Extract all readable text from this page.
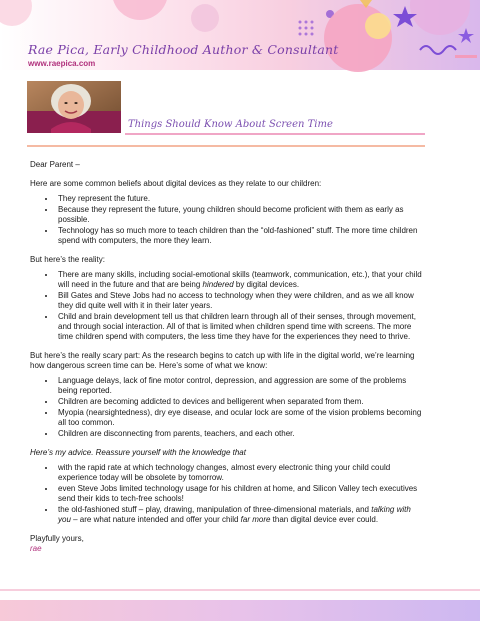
Rae Pica, Early Childhood Author & Consultant
www.raepica.com
Things Should Know About Screen Time

Dear Parent –

Here are some common beliefs about digital devices as they relate to our children:

• They represent the future.
• Because they represent the future, young children should become proficient with them as early as possible.
• Technology has so much more to teach children than the “old-fashioned” stuff. The more time children spend with computers, the more they learn.

But here’s the reality:

• There are many skills, including social-emotional skills (teamwork, communication, etc.), that your child will need in the future and that are being hindered by digital devices.
• Bill Gates and Steve Jobs had no access to technology when they were children, and as we all know they did quite well with it in their later years.
• Child and brain development tell us that children learn through all of their senses, through movement, and through social interaction. All of that is limited when children spend time with screens. The more time children spend with computers, the less time they have for the experiences they need to thrive.

But here’s the really scary part: As the research begins to catch up with life in the digital world, we’re learning how dangerous screen time can be. Here’s some of what we know:

• Language delays, lack of fine motor control, depression, and aggression are some of the problems being reported.
• Children are becoming addicted to devices and belligerent when separated from them.
• Myopia (nearsightedness), dry eye disease, and ocular lock are some of the vision problems becoming all too common.
• Children are disconnecting from parents, teachers, and each other.

Here’s my advice. Reassure yourself with the knowledge that

• with the rapid rate at which technology changes, almost every electronic thing your child could experience today will be obsolete by tomorrow.
• even Steve Jobs limited technology usage for his children at home, and Silicon Valley tech executives send their kids to tech-free schools!
• the old-fashioned stuff – play, drawing, manipulation of three-dimensional materials, and talking with you – are what nature intended and offer your child far more than digital device ever could.

Playfully yours,

rae
